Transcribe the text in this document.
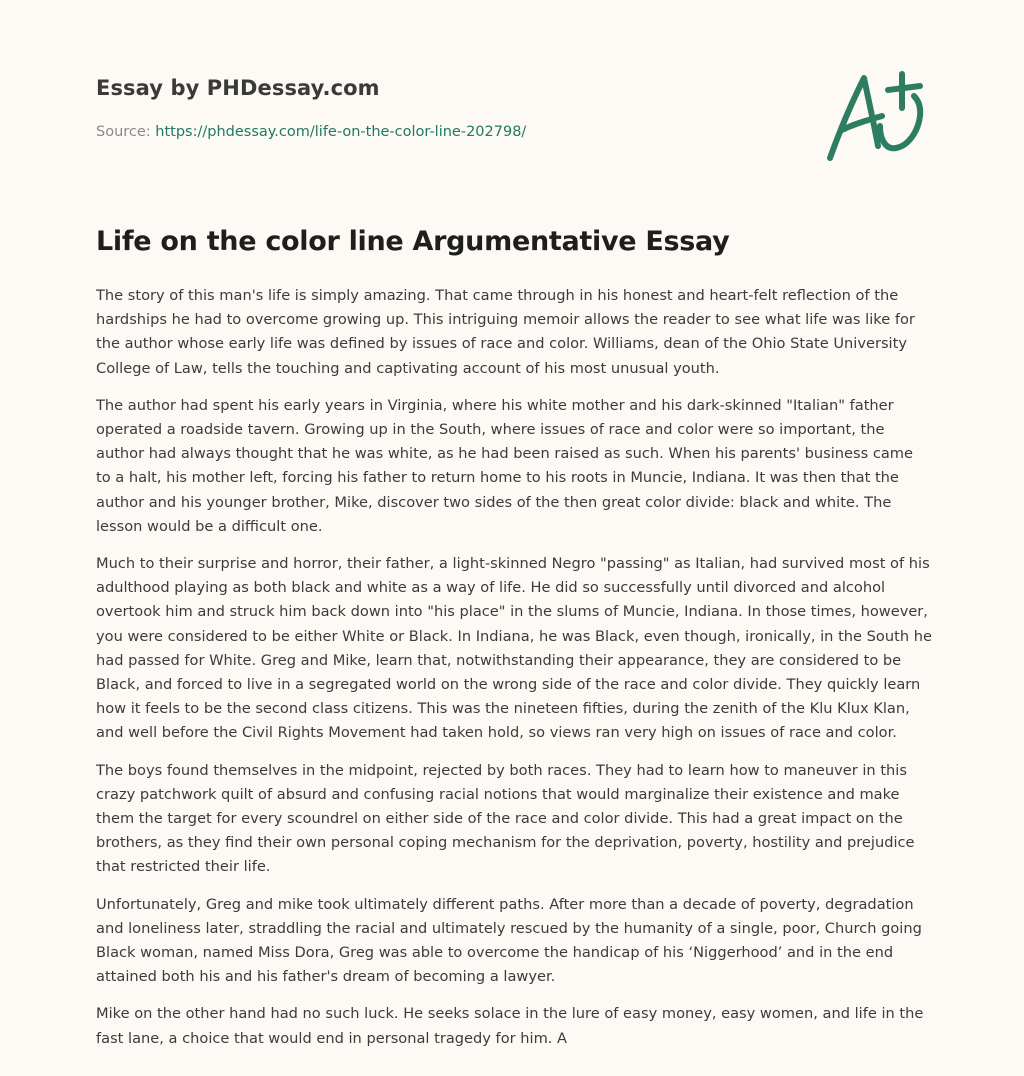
Essay by PHDessay.com
Source: https://phdessay.com/life-on-the-color-line-202798/
Life on the color line Argumentative Essay

The story of this man's life is simply amazing. That came through in his honest and heart-felt reflection of the hardships he had to overcome growing up. This intriguing memoir allows the reader to see what life was like for the author whose early life was defined by issues of race and color. Williams, dean of the Ohio State University College of Law, tells the touching and captivating account of his most unusual youth.

The author had spent his early years in Virginia, where his white mother and his dark-skinned "Italian" father operated a roadside tavern. Growing up in the South, where issues of race and color were so important, the author had always thought that he was white, as he had been raised as such. When his parents' business came to a halt, his mother left, forcing his father to return home to his roots in Muncie, Indiana. It was then that the author and his younger brother, Mike, discover two sides of the then great color divide: black and white. The lesson would be a difficult one.

Much to their surprise and horror, their father, a light-skinned Negro "passing" as Italian, had survived most of his adulthood playing as both black and white as a way of life. He did so successfully until divorced and alcohol overtook him and struck him back down into "his place" in the slums of Muncie, Indiana. In those times, however, you were considered to be either White or Black. In Indiana, he was Black, even though, ironically, in the South he had passed for White. Greg and Mike, learn that, notwithstanding their appearance, they are considered to be Black, and forced to live in a segregated world on the wrong side of the race and color divide. They quickly learn how it feels to be the second class citizens. This was the nineteen fifties, during the zenith of the Klu Klux Klan, and well before the Civil Rights Movement had taken hold, so views ran very high on issues of race and color.

The boys found themselves in the midpoint, rejected by both races. They had to learn how to maneuver in this crazy patchwork quilt of absurd and confusing racial notions that would marginalize their existence and make them the target for every scoundrel on either side of the race and color divide. This had a great impact on the brothers, as they find their own personal coping mechanism for the deprivation, poverty, hostility and prejudice that restricted their life.

Unfortunately, Greg and mike took ultimately different paths. After more than a decade of poverty, degradation and loneliness later, straddling the racial and ultimately rescued by the humanity of a single, poor, Church going Black woman, named Miss Dora, Greg was able to overcome the handicap of his ‘Niggerhood’ and in the end attained both his and his father's dream of becoming a lawyer.

Mike on the other hand had no such luck. He seeks solace in the lure of easy money, easy women, and life in the fast lane, a choice that would end in personal tragedy for him. A
